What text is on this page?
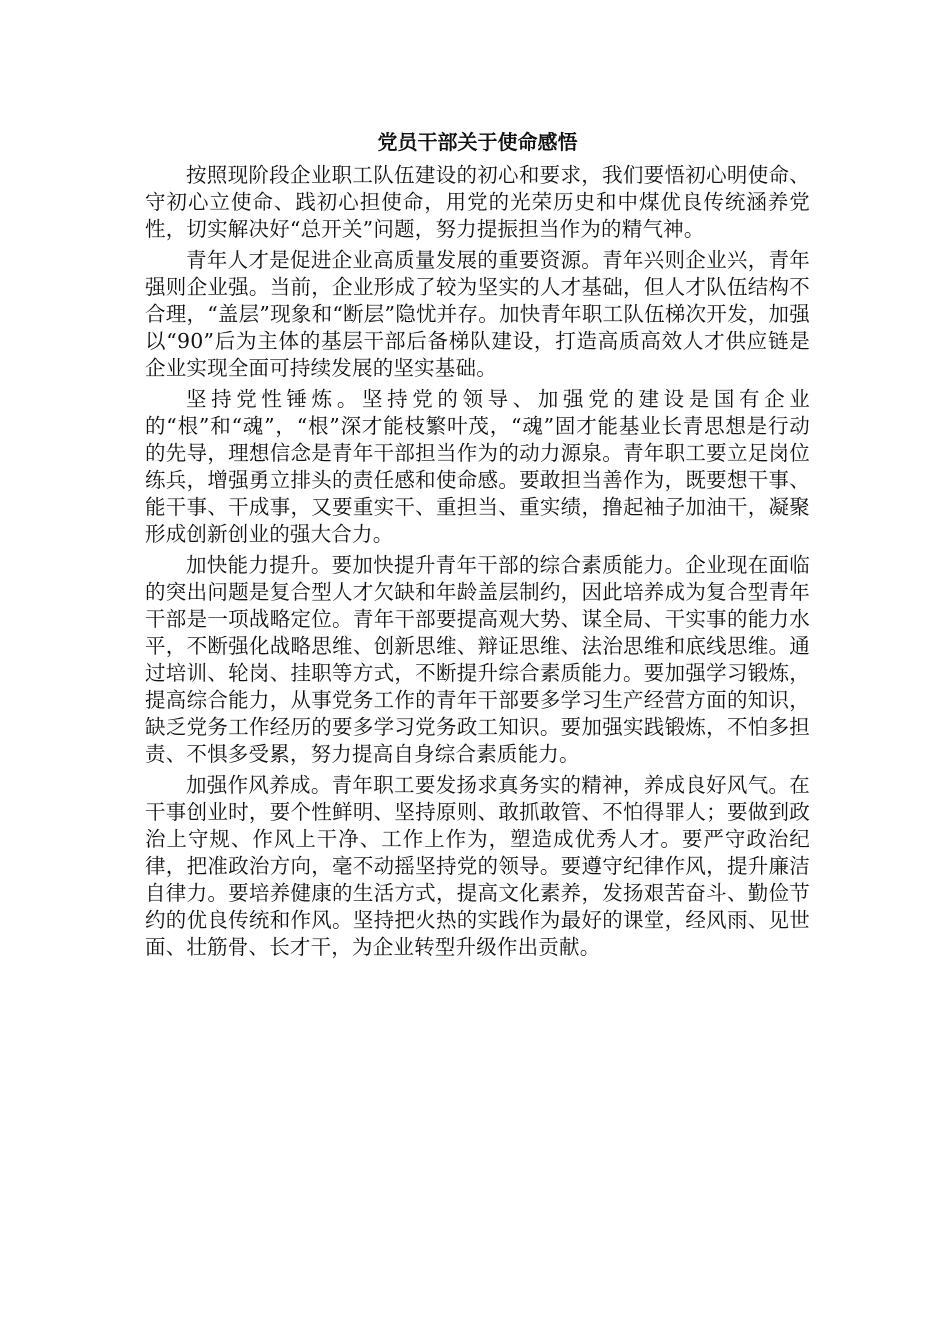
党员干部关于使命感悟

按照现阶段企业职工队伍建设的初心和要求，我们要悟初心明使命、守初心立使命、践初心担使命，用党的光荣历史和中煤优良传统涵养党性，切实解决好“总开关”问题，努力提振担当作为的精气神。

青年人才是促进企业高质量发展的重要资源。青年兴则企业兴，青年强则企业强。当前，企业形成了较为坚实的人才基础，但人才队伍结构不合理，“盖层”现象和“断层”隐忧并存。加快青年职工队伍梯次开发，加强以“90”后为主体的基层干部后备梯队建设，打造高质高效人才供应链是企业实现全面可持续发展的坚实基础。

坚持党性锤炼。坚持党的领导、加强党的建设是国有企业的“根”和“魂”，“根”深才能枝繁叶茂，“魂”固才能基业长青思想是行动的先导，理想信念是青年干部担当作为的动力源泉。青年职工要立足岗位练兵，增强勇立排头的责任感和使命感。要敢担当善作为，既要想干事、能干事、干成事，又要重实干、重担当、重实绩，撸起袖子加油干，凝聚形成创新创业的强大合力。

加快能力提升。要加快提升青年干部的综合素质能力。企业现在面临的突出问题是复合型人才欠缺和年龄盖层制约，因此培养成为复合型青年干部是一项战略定位。青年干部要提高观大势、谋全局、干实事的能力水平，不断强化战略思维、创新思维、辩证思维、法治思维和底线思维。通过培训、轮岗、挂职等方式，不断提升综合素质能力。要加强学习锻炼，提高综合能力，从事党务工作的青年干部要多学习生产经营方面的知识，缺乏党务工作经历的要多学习党务政工知识。要加强实践锻炼，不怕多担责、不惧多受累，努力提高自身综合素质能力。

加强作风养成。青年职工要发扬求真务实的精神，养成良好风气。在干事创业时，要个性鲜明、坚持原则、敢抓敢管、不怕得罪人；要做到政治上守规、作风上干净、工作上作为，塑造成优秀人才。要严守政治纪律，把准政治方向，毫不动摇坚持党的领导。要遵守纪律作风，提升廉洁自律力。要培养健康的生活方式，提高文化素养，发扬艰苦奋斗、勤俭节约的优良传统和作风。坚持把火热的实践作为最好的课堂，经风雨、见世面、壮筋骨、长才干，为企业转型升级作出贡献。
